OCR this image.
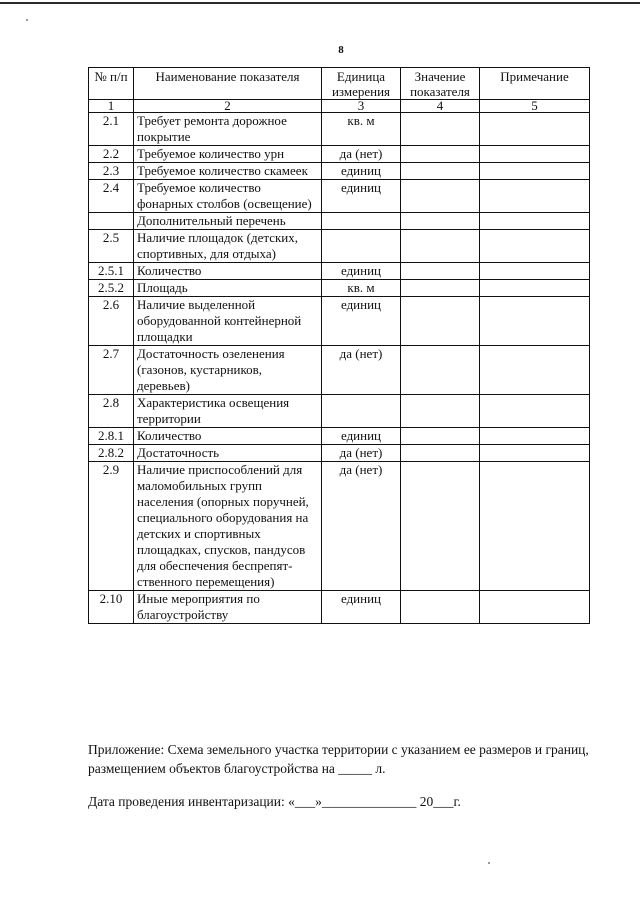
8
№ п/п	Наименование показателя	Единица измерения	Значение показателя	Примечание
1	2	3	4	5
2.1	Требует ремонта дорожное покрытие	кв. м		
2.2	Требуемое количество урн	да (нет)		
2.3	Требуемое количество скамеек	единиц		
2.4	Требуемое количество фонарных столбов (освещение)	единиц		
	Дополнительный перечень			
2.5	Наличие площадок (детских, спортивных, для отдыха)			
2.5.1	Количество	единиц		
2.5.2	Площадь	кв. м		
2.6	Наличие выделенной оборудованной контейнерной площадки	единиц		
2.7	Достаточность озеленения (газонов, кустарников, деревьев)	да (нет)		
2.8	Характеристика освещения территории			
2.8.1	Количество	единиц		
2.8.2	Достаточность	да (нет)		
2.9	Наличие приспособлений для маломобильных групп населения (опорных поручней, специального оборудования на детских и спортивных площадках, спусков, пандусов для обеспечения беспрепят-ственного перемещения)	да (нет)		
2.10	Иные мероприятия по благоустройству	единиц		
Приложение: Схема земельного участка территории с указанием ее размеров и границ, размещением объектов благоустройства на _____ л.
Дата проведения инвентаризации: «___»______________ 20___г.
